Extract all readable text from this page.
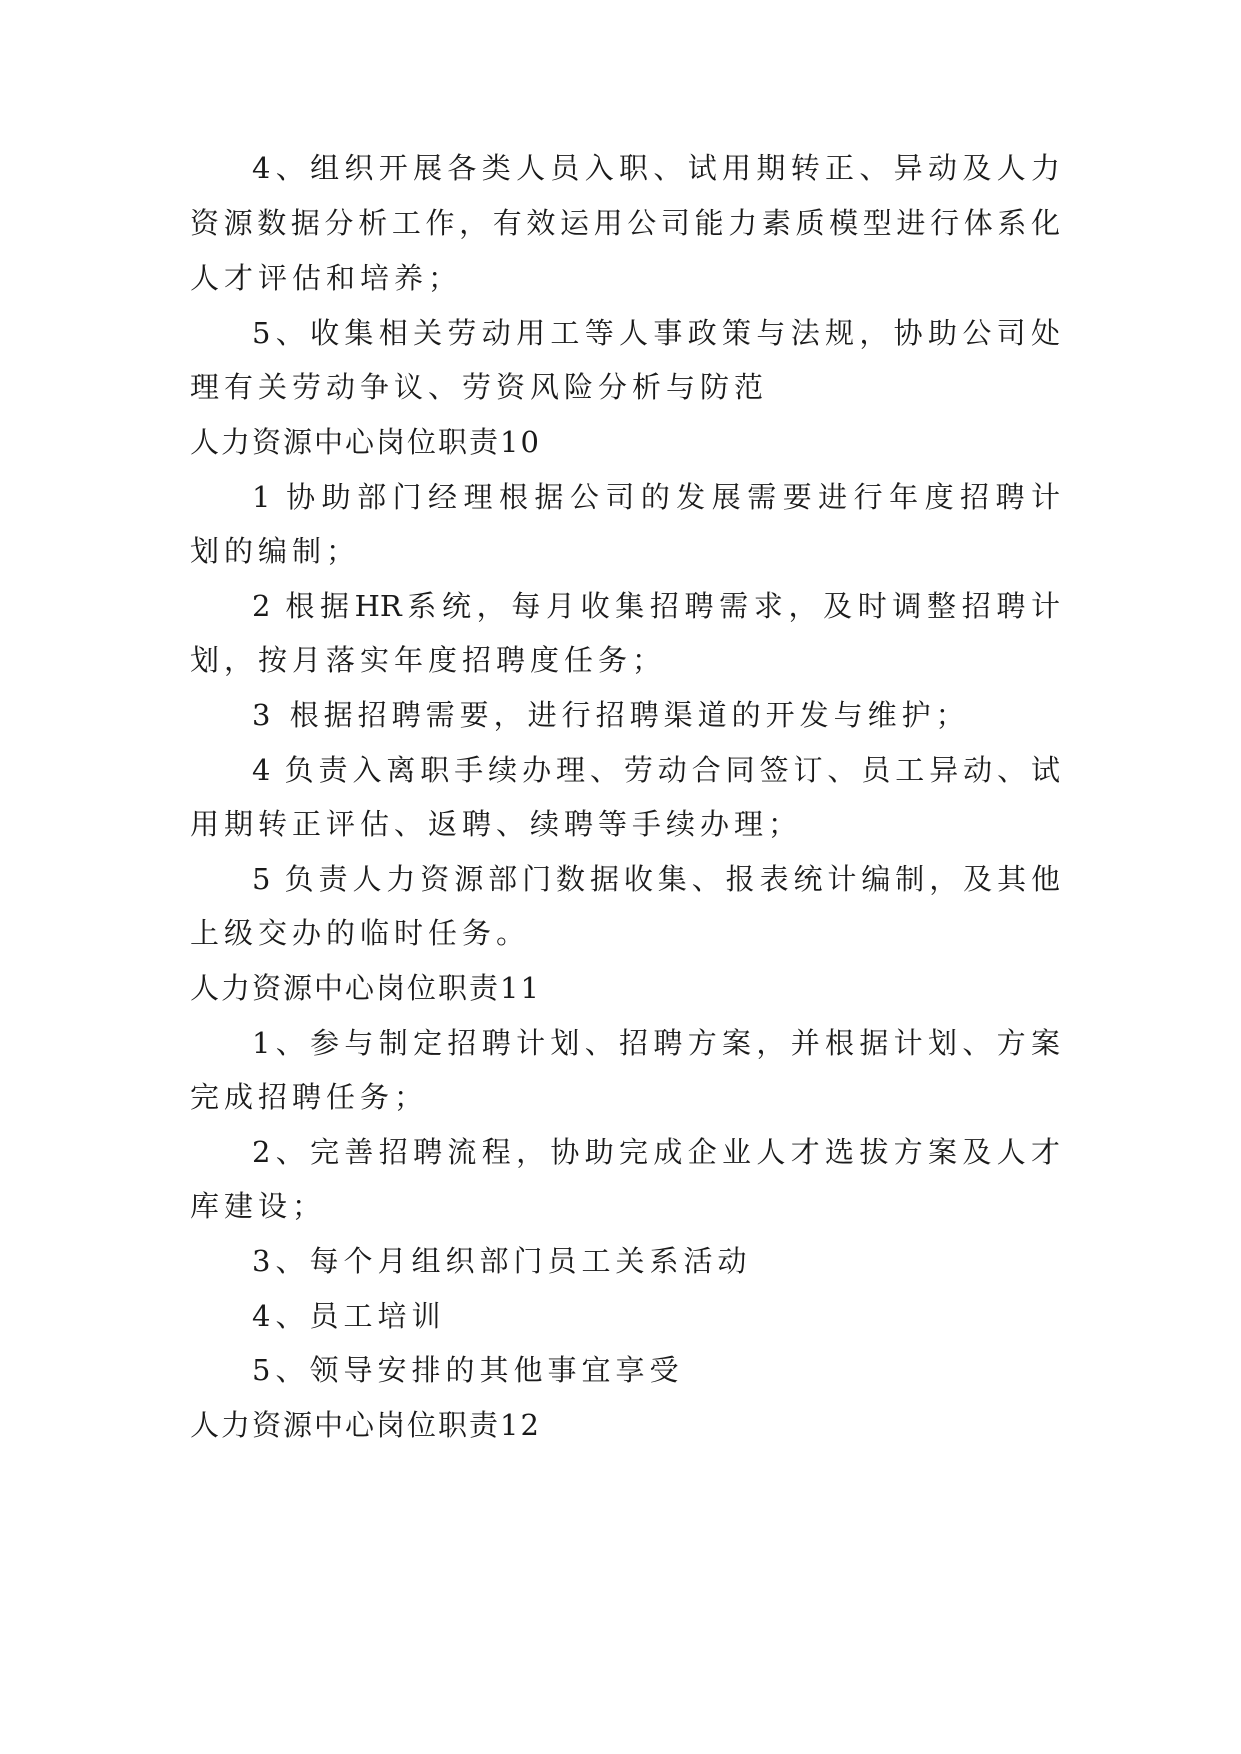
4、组织开展各类人员入职、试用期转正、异动及人力
资源数据分析工作，有效运用公司能力素质模型进行体系化
人才评估和培养；
5、收集相关劳动用工等人事政策与法规，协助公司处
理有关劳动争议、劳资风险分析与防范
人力资源中心岗位职责10
1 协助部门经理根据公司的发展需要进行年度招聘计
划的编制；
2 根据HR系统，每月收集招聘需求，及时调整招聘计
划，按月落实年度招聘度任务；
3 根据招聘需要，进行招聘渠道的开发与维护；
4 负责入离职手续办理、劳动合同签订、员工异动、试
用期转正评估、返聘、续聘等手续办理；
5 负责人力资源部门数据收集、报表统计编制，及其他
上级交办的临时任务。
人力资源中心岗位职责11
1、参与制定招聘计划、招聘方案，并根据计划、方案
完成招聘任务；
2、完善招聘流程，协助完成企业人才选拔方案及人才
库建设；
3、每个月组织部门员工关系活动
4、员工培训
5、领导安排的其他事宜享受
人力资源中心岗位职责12
